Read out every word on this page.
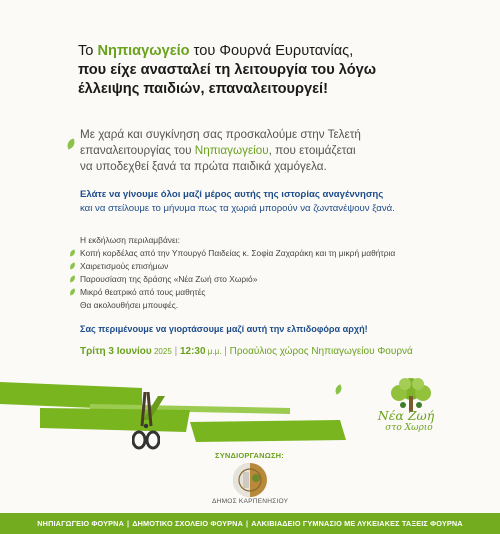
Το Νηπιαγωγείο του Φουρνά Ευρυτανίας,
που είχε ανασταλεί τη λειτουργία του λόγω
έλλειψης παιδιών, επαναλειτουργεί!
Με χαρά και συγκίνηση σας προσκαλούμε στην Τελετή
επαναλειτουργίας του Νηπιαγωγείου, που ετοιμάζεται
να υποδεχθεί ξανά τα πρώτα παιδικά χαμόγελα.
Ελάτε να γίνουμε όλοι μαζί μέρος αυτής της ιστορίας αναγέννησης
και να στείλουμε το μήνυμα πως τα χωριά μπορούν να ζωντανέψουν ξανά.
Η εκδήλωση περιλαμβάνει:
Κοπή κορδέλας από την Υπουργό Παιδείας κ. Σοφία Ζαχαράκη και τη μικρή μαθήτρια
Χαιρετισμούς επισήμων
Παρουσίαση της δράσης «Νέα Ζωή στο Χωριό»
Μικρό θεατρικό από τους μαθητές
Θα ακολουθήσει μπουφές.
Σας περιμένουμε να γιορτάσουμε μαζί αυτή την ελπιδοφόρα αρχή!
Τρίτη 3 Ιουνίου 2025 | 12:30 μ.μ. | Προαύλιος χώρος Νηπιαγωγείου Φουρνά
Νέα Ζωή
στο Χωριό
ΣΥΝΔΙΟΡΓΑΝΩΣΗ:
ΔΗΜΟΣ ΚΑΡΠΕΝΗΣΙΟΥ
ΝΗΠΙΑΓΩΓΕΙΟ ΦΟΥΡΝΑ | ΔΗΜΟΤΙΚΟ ΣΧΟΛΕΙΟ ΦΟΥΡΝΑ | ΑΛΚΙΒΙΑΔΕΙΟ ΓΥΜΝΑΣΙΟ ΜΕ ΛΥΚΕΙΑΚΕΣ ΤΑΞΕΙΣ ΦΟΥΡΝΑ
